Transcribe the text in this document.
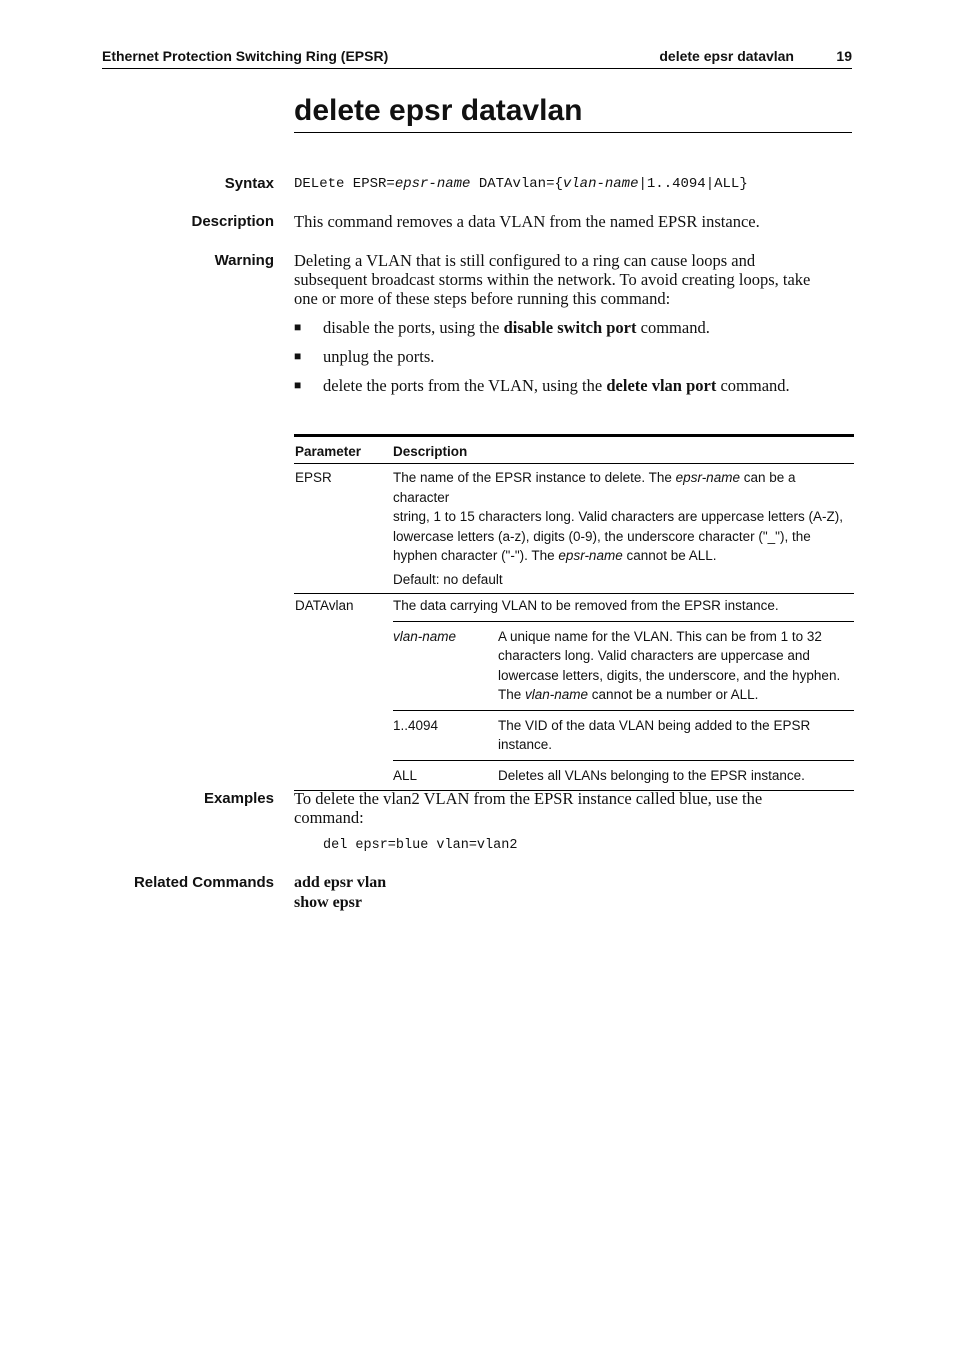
Ethernet Protection Switching Ring (EPSR)	delete epsr datavlan	19
delete epsr datavlan
Syntax DELete EPSR=epsr-name DATAvlan={vlan-name|1..4094|ALL}
Description This command removes a data VLAN from the named EPSR instance.
Warning Deleting a VLAN that is still configured to a ring can cause loops and
subsequent broadcast storms within the network. To avoid creating loops, take
one or more of these steps before running this command:
■ disable the ports, using the disable switch port command.
■ unplug the ports.
■ delete the ports from the VLAN, using the delete vlan port command.
Parameter Description
EPSR	The name of the EPSR instance to delete. The epsr-name can be a character
string, 1 to 15 characters long. Valid characters are uppercase letters (A-Z),
lowercase letters (a-z), digits (0-9), the underscore character ("_"), the
hyphen character ("-"). The epsr-name cannot be ALL.
Default: no default
DATAvlan	The data carrying VLAN to be removed from the EPSR instance.
vlan-name	A unique name for the VLAN. This can be from 1 to 32
characters long. Valid characters are uppercase and
lowercase letters, digits, the underscore, and the hyphen.
The vlan-name cannot be a number or ALL.
1..4094	The VID of the data VLAN being added to the EPSR
instance.
ALL	Deletes all VLANs belonging to the EPSR instance.
Examples To delete the vlan2 VLAN from the EPSR instance called blue, use the
command:
del epsr=blue vlan=vlan2
Related Commands add epsr vlan
show epsr
